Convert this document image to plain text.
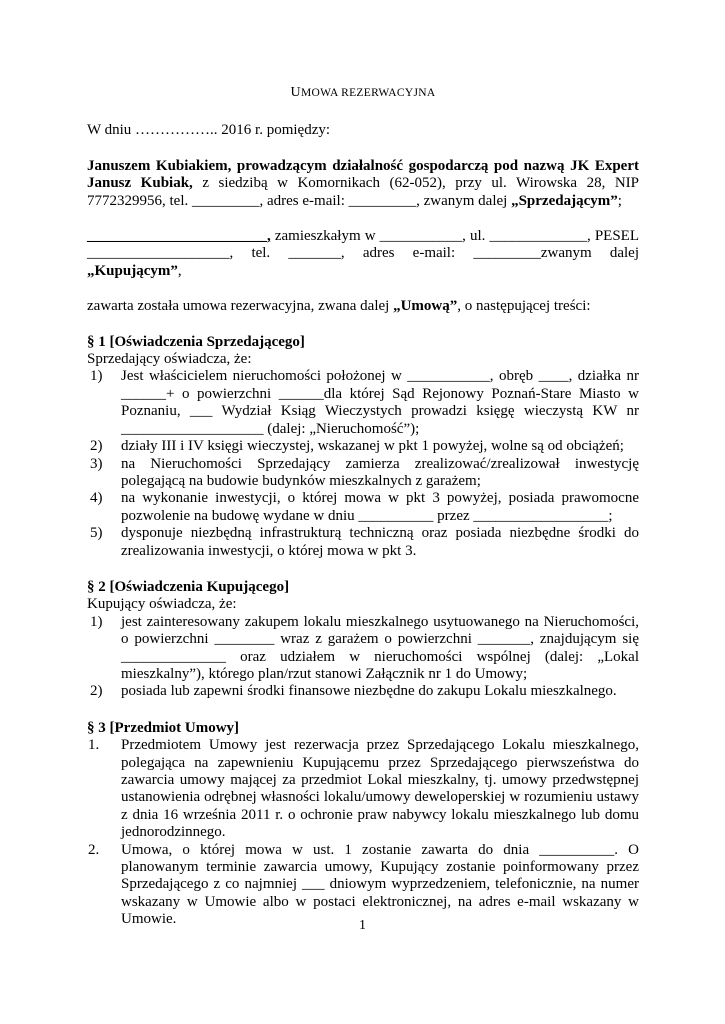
UMOWA REZERWACYJNA

W dniu …………….. 2016 r. pomiędzy:

Januszem Kubiakiem, prowadzącym działalność gospodarczą pod nazwą JK Expert Janusz Kubiak, z siedzibą w Komornikach (62-052), przy ul. Wirowska 28, NIP 7772329956, tel. _________, adres e-mail: _________, zwanym dalej „Sprzedającym”;

________________________, zamieszkałym w ___________, ul. _____________, PESEL

___________________, tel. _______, adres e-mail: _________zwanym dalej

„Kupującym”,

zawarta została umowa rezerwacyjna, zwana dalej „Umową”, o następującej treści:

§ 1 [Oświadczenia Sprzedającego]

Sprzedający oświadcza, że:

1)	Jest właścicielem nieruchomości położonej w ___________, obręb ____, działka nr ______+ o powierzchni ______dla której Sąd Rejonowy Poznań-Stare Miasto w Poznaniu, ___ Wydział Ksiąg Wieczystych prowadzi księgę wieczystą KW nr ___________________ (dalej: „Nieruchomość”);
2)	działy III i IV księgi wieczystej, wskazanej w pkt 1 powyżej, wolne są od obciążeń;
3)	na Nieruchomości Sprzedający zamierza zrealizować/zrealizował inwestycję polegającą na budowie budynków mieszkalnych z garażem;
4)	na wykonanie inwestycji, o której mowa w pkt 3 powyżej, posiada prawomocne pozwolenie na budowę wydane w dniu __________ przez __________________;
5)	dysponuje niezbędną infrastrukturą techniczną oraz posiada niezbędne środki do zrealizowania inwestycji, o której mowa w pkt 3.

§ 2 [Oświadczenia Kupującego]

Kupujący oświadcza, że:

1)	jest zainteresowany zakupem lokalu mieszkalnego usytuowanego na Nieruchomości, o powierzchni ________ wraz z garażem o powierzchni _______, znajdującym się ______________ oraz udziałem w nieruchomości wspólnej (dalej: „Lokal mieszkalny”), którego plan/rzut stanowi Załącznik nr 1 do Umowy;
2)	posiada lub zapewni środki finansowe niezbędne do zakupu Lokalu mieszkalnego.

§ 3 [Przedmiot Umowy]

1.	Przedmiotem Umowy jest rezerwacja przez Sprzedającego Lokalu mieszkalnego, polegająca na zapewnieniu Kupującemu przez Sprzedającego pierwszeństwa do zawarcia umowy mającej za przedmiot Lokal mieszkalny, tj. umowy przedwstępnej ustanowienia odrębnej własności lokalu/umowy deweloperskiej w rozumieniu ustawy z dnia 16 września 2011 r. o ochronie praw nabywcy lokalu mieszkalnego lub domu jednorodzinnego.
2.	Umowa, o której mowa w ust. 1 zostanie zawarta do dnia __________. O planowanym terminie zawarcia umowy, Kupujący zostanie poinformowany przez Sprzedającego z co najmniej ___ dniowym wyprzedzeniem, telefonicznie, na numer wskazany w Umowie albo w postaci elektronicznej, na adres e-mail wskazany w Umowie.	1
